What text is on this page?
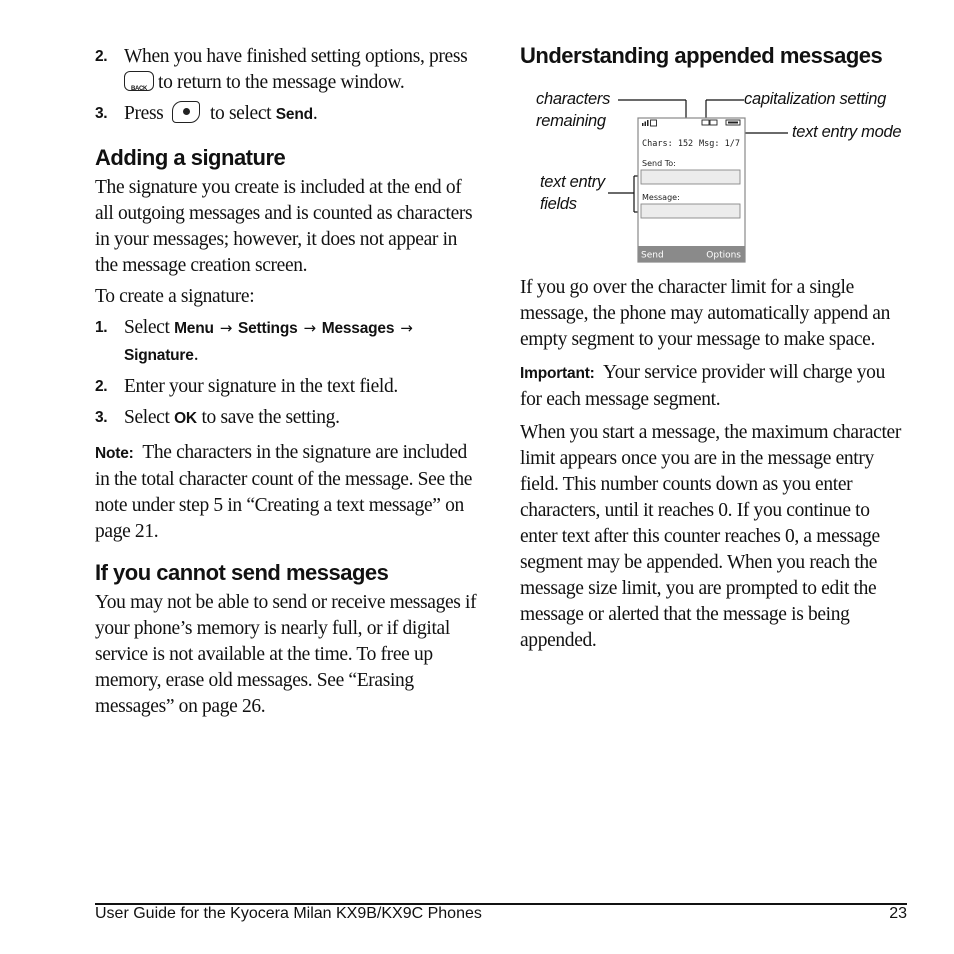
2. When you have finished setting options, press

BACK to return to the message window.

3. Press to select Send.

Adding a signature

The signature you create is included at the end of all outgoing messages and is counted as characters in your messages; however, it does not appear in the message creation screen.

To create a signature:

1. Select Menu → Settings → Messages →
Signature.

2. Enter your signature in the text field.

3. Select OK to save the setting.

Note: The characters in the signature are included in the total character count of the message. See the note under step 5 in “Creating a text message” on page 21.

If you cannot send messages

You may not be able to send or receive messages if your phone’s memory is nearly full, or if digital service is not available at the time. To free up memory, erase old messages. See “Erasing messages” on page 26.

Understanding appended messages

If you go over the character limit for a single message, the phone may automatically append an empty segment to your message to make space.

Important: Your service provider will charge you for each message segment.

When you start a message, the maximum character limit appears once you are in the message entry field. This number counts down as you enter characters, until it reaches 0. If you continue to enter text after this counter reaches 0, a message segment may be appended. When you reach the message size limit, you are prompted to edit the message or alerted that the message is being appended.

characters
remaining
capitalization setting
text entry mode
text entry
fields
Chars: 152 Msg: 1/7
Send To:
Message:
Send	Options
User Guide for the Kyocera Milan KX9B/KX9C Phones	23
